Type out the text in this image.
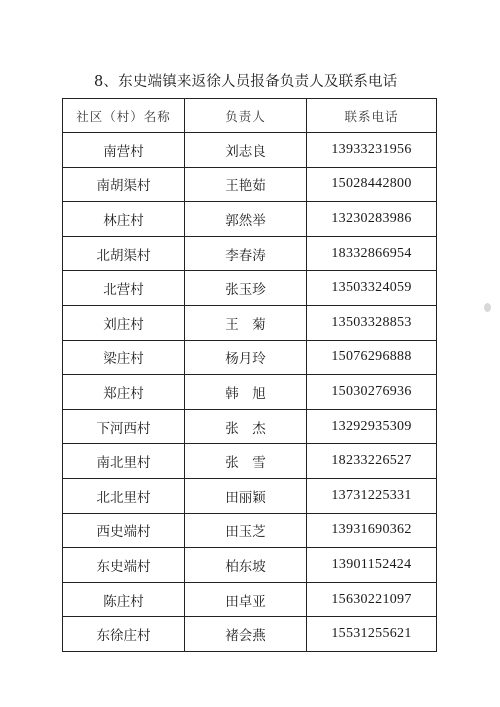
8、东史端镇来返徐人员报备负责人及联系电话
社区（村）名称	负责人	联系电话
南营村	刘志良	13933231956
南胡渠村	王艳茹	15028442800
林庄村	郭然举	13230283986
北胡渠村	李春涛	18332866954
北营村	张玉珍	13503324059
刘庄村	王　菊	13503328853
梁庄村	杨月玲	15076296888
郑庄村	韩　旭	15030276936
下河西村	张　杰	13292935309
南北里村	张　雪	18233226527
北北里村	田丽颖	13731225331
西史端村	田玉芝	13931690362
东史端村	柏东坡	13901152424
陈庄村	田卓亚	15630221097
东徐庄村	褚会燕	15531255621
